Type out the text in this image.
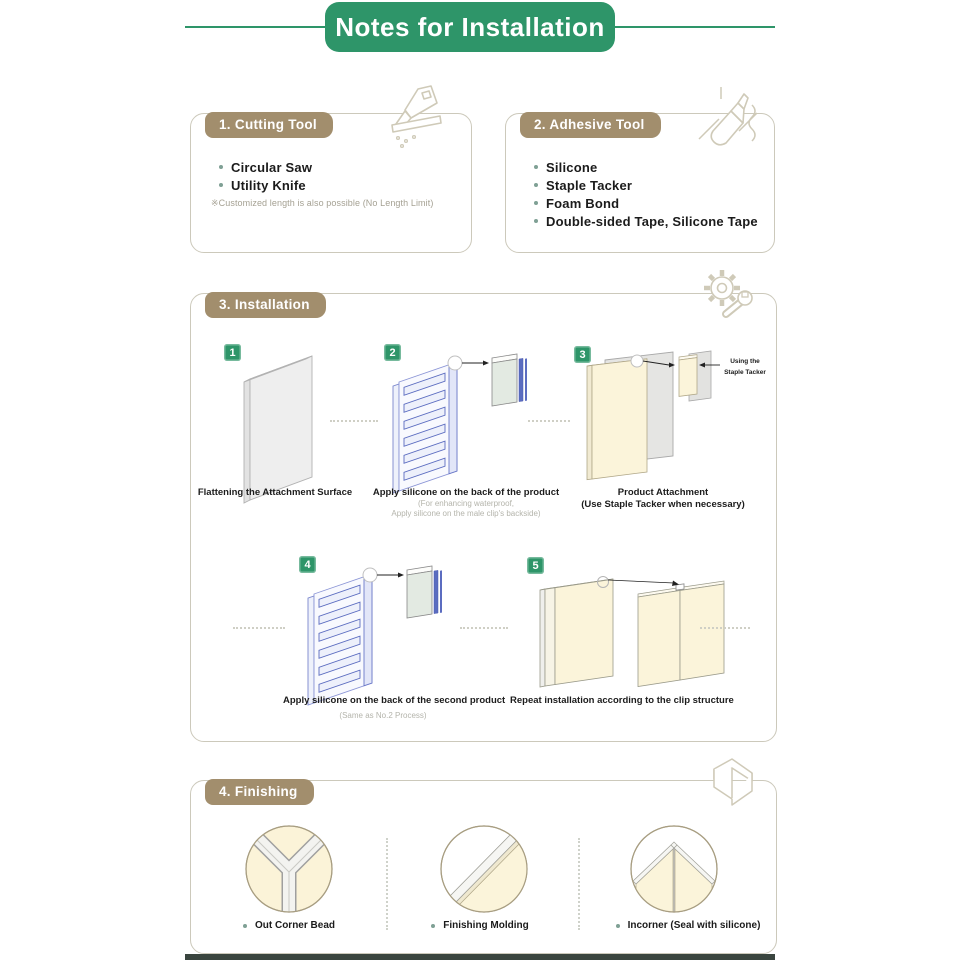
Notes for Installation
1. Cutting Tool
Circular Saw
Utility Knife
※Customized length is also possible (No Length Limit)
2. Adhesive Tool
Silicone
Staple Tacker
Foam Bond
Double-sided Tape, Silicone Tape
3. Installation
1
Flattening the Attachment Surface
2
Apply silicone on the back of the product
(For enhancing waterproof,
Apply silicone on the male clip's backside)
3
Using the Staple Tacker
Product Attachment
(Use Staple Tacker when necessary)
4
Apply silicone on the back of the second product
(Same as No.2 Process)
5
Repeat installation according to the clip structure
4. Finishing
Out Corner Bead	Finishing Molding	Incorner (Seal with silicone)
